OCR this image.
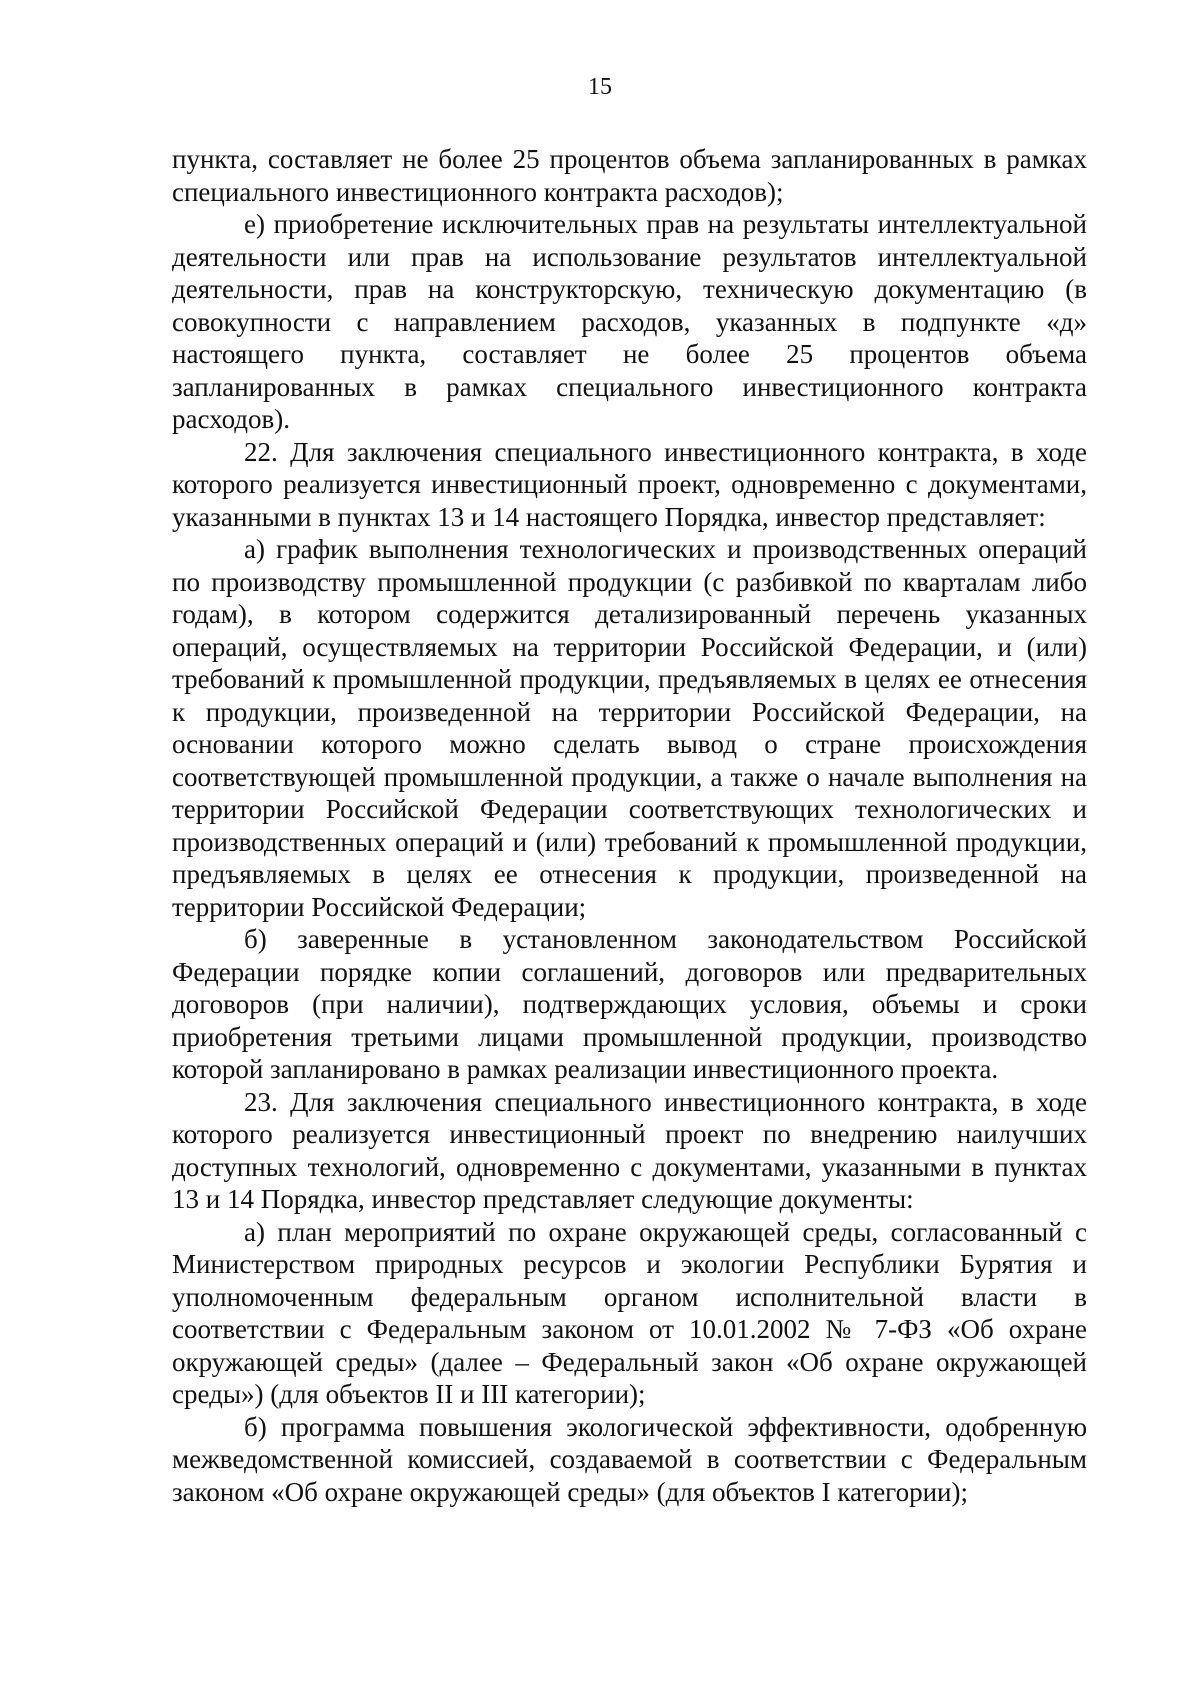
15

пункта, составляет не более 25 процентов объема запланированных в рамках специального инвестиционного контракта расходов);

е) приобретение исключительных прав на результаты интеллектуальной деятельности или прав на использование результатов интеллектуальной деятельности, прав на конструкторскую, техническую документацию (в совокупности с направлением расходов, указанных в подпункте «д» настоящего пункта, составляет не более 25 процентов объема запланированных в рамках специального инвестиционного контракта расходов).

22. Для заключения специального инвестиционного контракта, в ходе которого реализуется инвестиционный проект, одновременно с документами, указанными в пунктах 13 и 14 настоящего Порядка, инвестор представляет:

а) график выполнения технологических и производственных операций по производству промышленной продукции (с разбивкой по кварталам либо годам), в котором содержится детализированный перечень указанных операций, осуществляемых на территории Российской Федерации, и (или) требований к промышленной продукции, предъявляемых в целях ее отнесения к продукции, произведенной на территории Российской Федерации, на основании которого можно сделать вывод о стране происхождения соответствующей промышленной продукции, а также о начале выполнения на территории Российской Федерации соответствующих технологических и производственных операций и (или) требований к промышленной продукции, предъявляемых в целях ее отнесения к продукции, произведенной на территории Российской Федерации;

б) заверенные в установленном законодательством Российской Федерации порядке копии соглашений, договоров или предварительных договоров (при наличии), подтверждающих условия, объемы и сроки приобретения третьими лицами промышленной продукции, производство которой запланировано в рамках реализации инвестиционного проекта.

23. Для заключения специального инвестиционного контракта, в ходе которого реализуется инвестиционный проект по внедрению наилучших доступных технологий, одновременно с документами, указанными в пунктах 13 и 14 Порядка, инвестор представляет следующие документы:

а) план мероприятий по охране окружающей среды, согласованный с Министерством природных ресурсов и экологии Республики Бурятия и уполномоченным федеральным органом исполнительной власти в соответствии с Федеральным законом от 10.01.2002 № 7-ФЗ «Об охране окружающей среды» (далее – Федеральный закон «Об охране окружающей среды») (для объектов II и III категории);

б) программа повышения экологической эффективности, одобренную межведомственной комиссией, создаваемой в соответствии с Федеральным законом «Об охране окружающей среды» (для объектов I категории);
